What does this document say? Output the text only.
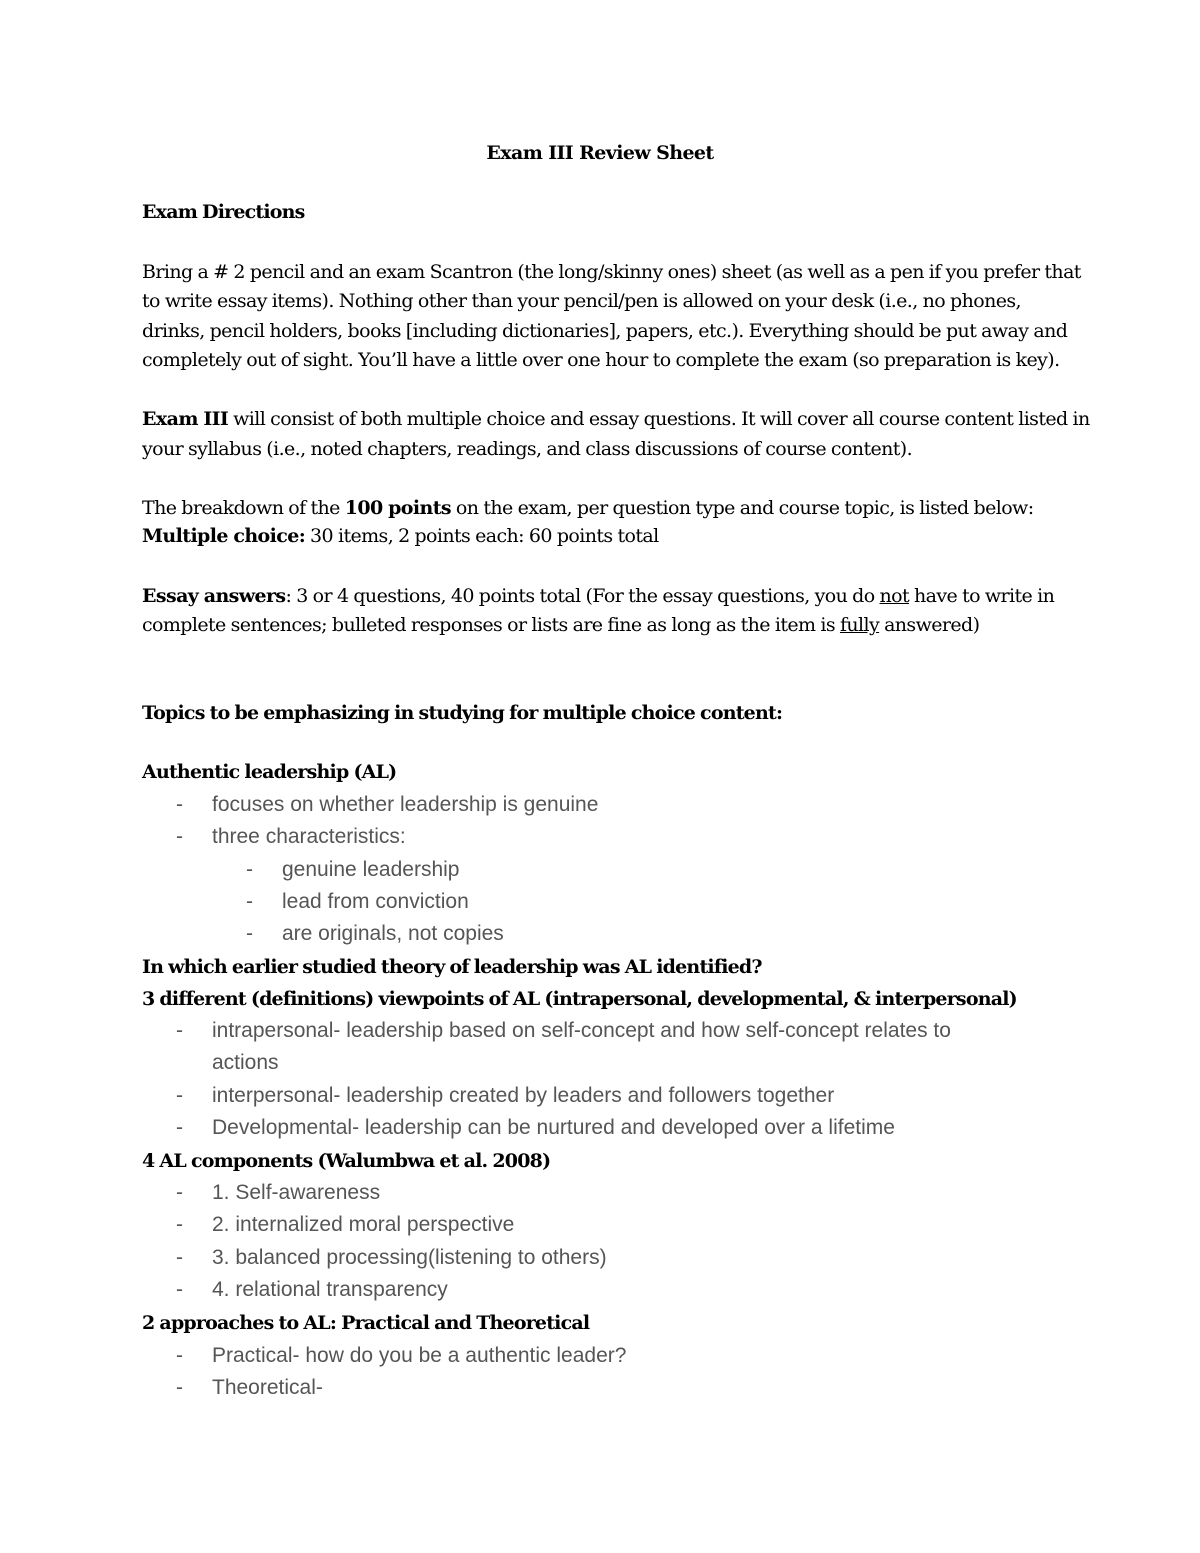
Exam III Review Sheet
Exam Directions
Bring a # 2 pencil and an exam Scantron (the long/skinny ones) sheet (as well as a pen if you prefer that
to write essay items). Nothing other than your pencil/pen is allowed on your desk (i.e., no phones,
drinks, pencil holders, books [including dictionaries], papers, etc.). Everything should be put away and
completely out of sight. You’ll have a little over one hour to complete the exam (so preparation is key).
Exam III will consist of both multiple choice and essay questions. It will cover all course content listed in
your syllabus (i.e., noted chapters, readings, and class discussions of course content).
The breakdown of the 100 points on the exam, per question type and course topic, is listed below:
Multiple choice: 30 items, 2 points each: 60 points total
Essay answers: 3 or 4 questions, 40 points total (For the essay questions, you do not have to write in
complete sentences; bulleted responses or lists are fine as long as the item is fully answered)
Topics to be emphasizing in studying for multiple choice content:
Authentic leadership (AL)
- focuses on whether leadership is genuine
- three characteristics:
- genuine leadership
- lead from conviction
- are originals, not copies
In which earlier studied theory of leadership was AL identified?
3 different (definitions) viewpoints of AL (intrapersonal, developmental, & interpersonal)
- intrapersonal- leadership based on self-concept and how self-concept relates to
actions
- interpersonal- leadership created by leaders and followers together
- Developmental- leadership can be nurtured and developed over a lifetime
4 AL components (Walumbwa et al. 2008)
- 1. Self-awareness
- 2. internalized moral perspective
- 3. balanced processing(listening to others)
- 4. relational transparency
2 approaches to AL: Practical and Theoretical
- Practical- how do you be a authentic leader?
- Theoretical-
